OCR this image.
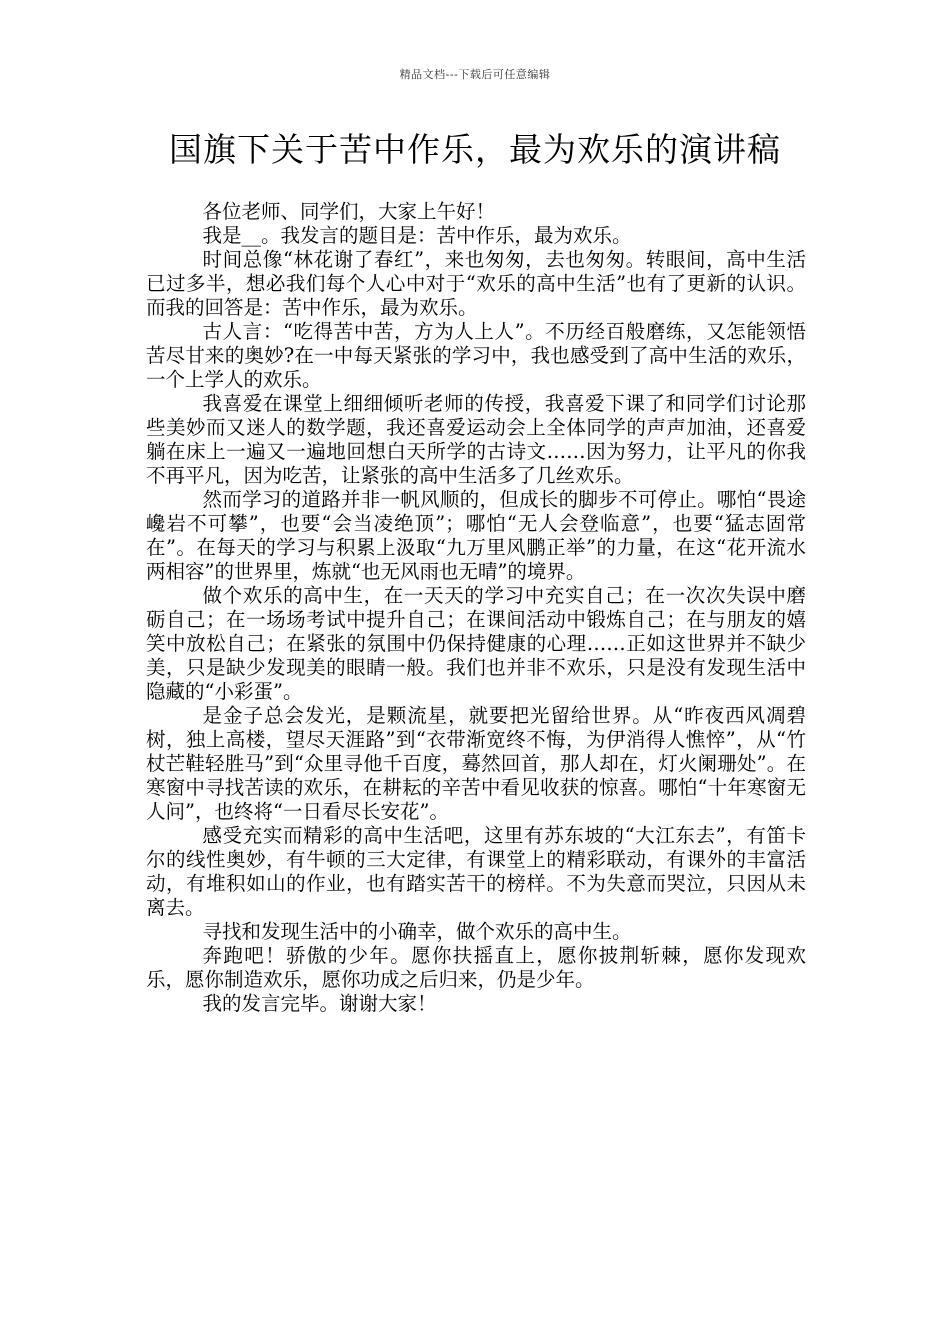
精品文档---下载后可任意编辑
国旗下关于苦中作乐，最为欢乐的演讲稿

各位老师、同学们，大家上午好！

我是__。我发言的题目是：苦中作乐，最为欢乐。

时间总像“林花谢了春红”，来也匆匆，去也匆匆。转眼间，高中生活已过多半，想必我们每个人心中对于“欢乐的高中生活”也有了更新的认识。而我的回答是：苦中作乐，最为欢乐。

古人言：“吃得苦中苦，方为人上人”。不历经百般磨练，又怎能领悟苦尽甘来的奥妙?在一中每天紧张的学习中，我也感受到了高中生活的欢乐，一个上学人的欢乐。

我喜爱在课堂上细细倾听老师的传授，我喜爱下课了和同学们讨论那些美妙而又迷人的数学题，我还喜爱运动会上全体同学的声声加油，还喜爱躺在床上一遍又一遍地回想白天所学的古诗文……因为努力，让平凡的你我不再平凡，因为吃苦，让紧张的高中生活多了几丝欢乐。

然而学习的道路并非一帆风顺的，但成长的脚步不可停止。哪怕“畏途巉岩不可攀”，也要“会当凌绝顶”；哪怕“无人会登临意”，也要“猛志固常在”。在每天的学习与积累上汲取“九万里风鹏正举”的力量，在这“花开流水两相容”的世界里，炼就“也无风雨也无晴”的境界。

做个欢乐的高中生，在一天天的学习中充实自己；在一次次失误中磨砺自己；在一场场考试中提升自己；在课间活动中锻炼自己；在与朋友的嬉笑中放松自己；在紧张的氛围中仍保持健康的心理……正如这世界并不缺少美，只是缺少发现美的眼睛一般。我们也并非不欢乐，只是没有发现生活中隐藏的“小彩蛋”。

是金子总会发光，是颗流星，就要把光留给世界。从“昨夜西风凋碧树，独上高楼，望尽天涯路”到“衣带渐宽终不悔，为伊消得人憔悴”，从“竹杖芒鞋轻胜马”到“众里寻他千百度，蓦然回首，那人却在，灯火阑珊处”。在寒窗中寻找苦读的欢乐，在耕耘的辛苦中看见收获的惊喜。哪怕“十年寒窗无人问”，也终将“一日看尽长安花”。

感受充实而精彩的高中生活吧，这里有苏东坡的“大江东去”，有笛卡尔的线性奥妙，有牛顿的三大定律，有课堂上的精彩联动，有课外的丰富活动，有堆积如山的作业，也有踏实苦干的榜样。不为失意而哭泣，只因从未离去。

寻找和发现生活中的小确幸，做个欢乐的高中生。

奔跑吧！骄傲的少年。愿你扶摇直上，愿你披荆斩棘，愿你发现欢乐，愿你制造欢乐，愿你功成之后归来，仍是少年。

我的发言完毕。谢谢大家！
